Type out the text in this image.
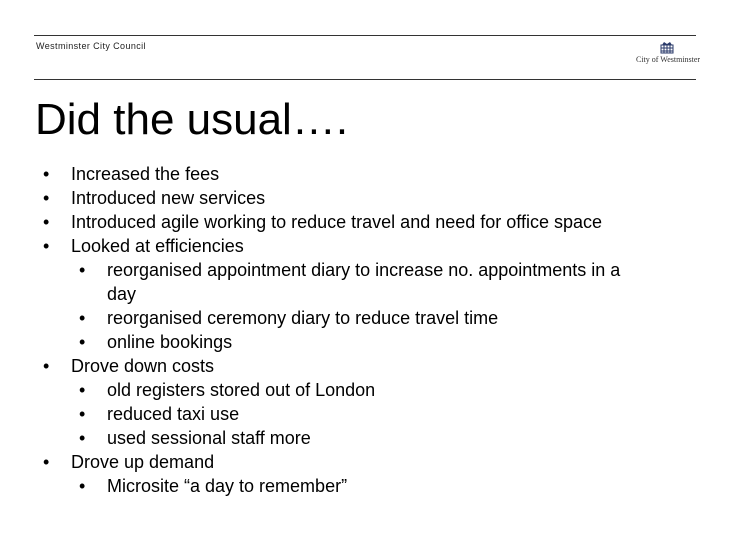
Westminster City Council
City of Westminster
Did the usual….
• Increased the fees
• Introduced new services
• Introduced agile working to reduce travel and need for office space
• Looked at efficiencies
• reorganised appointment diary to increase no. appointments in a day
• reorganised ceremony diary to reduce travel time
• online bookings
• Drove down costs
• old registers stored out of London
• reduced taxi use
• used sessional staff more
• Drove up demand
• Microsite “a day to remember”
